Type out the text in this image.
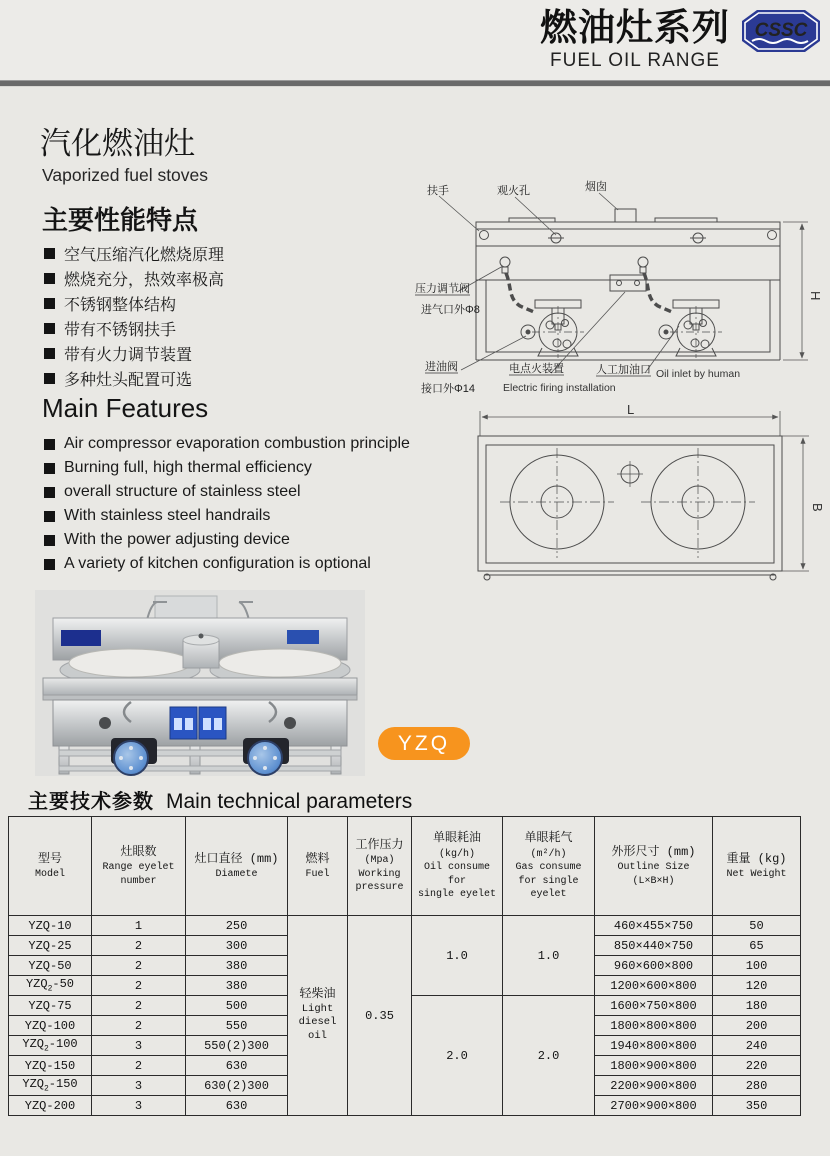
燃油灶系列
FUEL OIL RANGE
CSSC
汽化燃油灶
Vaporized fuel stoves
主要性能特点
空气压缩汽化燃烧原理
燃烧充分，热效率极高
不锈钢整体结构
带有不锈钢扶手
带有火力调节装置
多种灶头配置可选
Main Features
Air compressor evaporation combustion principle
Burning full, high thermal efficiency
overall structure of stainless steel
With stainless steel handrails
With the power adjusting device
A variety of kitchen configuration is optional
扶手	观火孔	烟囱
压力调节阀
进气口外Φ8
进油阀
接口外Φ14
电点火装置
Electric firing installation
人工加油口 Oil inlet by human
H
L
B
YZQ
主要技术参数 Main technical parameters
型号
Model

灶眼数
Range eyelet
number

灶口直径 (mm)
Diamete

燃料
Fuel

工作压力
(Mpa)
Working
pressure

单眼耗油
(kg/h)
Oil consume for
single eyelet

单眼耗气
(m²/h)
Gas consume
for single eyelet

外形尺寸 (mm)
Outline Size
(L×B×H)

重量 (kg)
Net Weight

YZQ-10	1	250	轻柴油
Light
diesel
oil	0.35	1.0	1.0	460×455×750	50
YZQ-25	2	300					850×440×750	65
YZQ-50	2	380					960×600×800	100
$YZQ_2-50$	2	380					1200×600×800	120
YZQ-75	2	500			2.0	2.0	1600×750×800	180
YZQ-100	2	550					1800×800×800	200
$YZQ_2-100$	3	550(2)300					1940×800×800	240
YZQ-150	2	630					1800×900×800	220
$YZQ_2-150$	3	630(2)300					2200×900×800	280
YZQ-200	3	630					2700×900×800	350
